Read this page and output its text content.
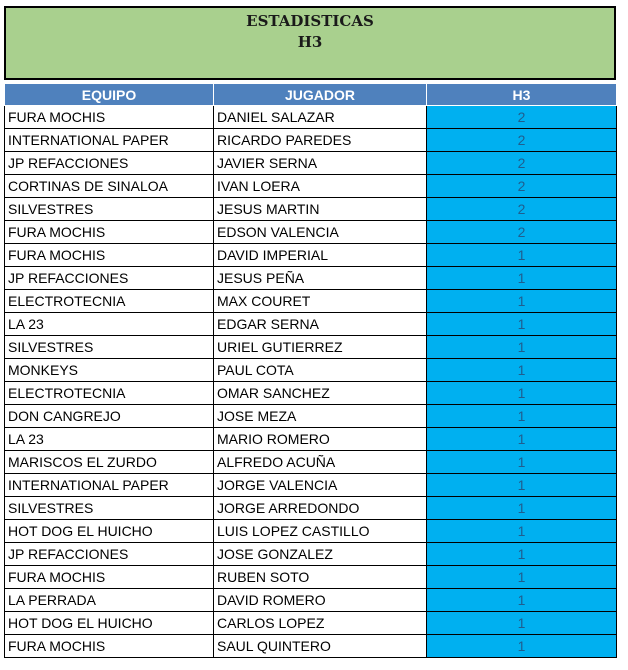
ESTADISTICAS
H3
EQUIPO	JUGADOR	H3
FURA MOCHIS	DANIEL SALAZAR	2
INTERNATIONAL PAPER	RICARDO PAREDES	2
JP REFACCIONES	JAVIER SERNA	2
CORTINAS DE SINALOA	IVAN LOERA	2
SILVESTRES	JESUS MARTIN	2
FURA MOCHIS	EDSON VALENCIA	2
FURA MOCHIS	DAVID IMPERIAL	1
JP REFACCIONES	JESUS PEÑA	1
ELECTROTECNIA	MAX COURET	1
LA 23	EDGAR SERNA	1
SILVESTRES	URIEL GUTIERREZ	1
MONKEYS	PAUL COTA	1
ELECTROTECNIA	OMAR SANCHEZ	1
DON CANGREJO	JOSE MEZA	1
LA 23	MARIO ROMERO	1
MARISCOS EL ZURDO	ALFREDO ACUÑA	1
INTERNATIONAL PAPER	JORGE VALENCIA	1
SILVESTRES	JORGE ARREDONDO	1
HOT DOG EL HUICHO	LUIS LOPEZ CASTILLO	1
JP REFACCIONES	JOSE GONZALEZ	1
FURA MOCHIS	RUBEN SOTO	1
LA PERRADA	DAVID ROMERO	1
HOT DOG EL HUICHO	CARLOS LOPEZ	1
FURA MOCHIS	SAUL QUINTERO	1
